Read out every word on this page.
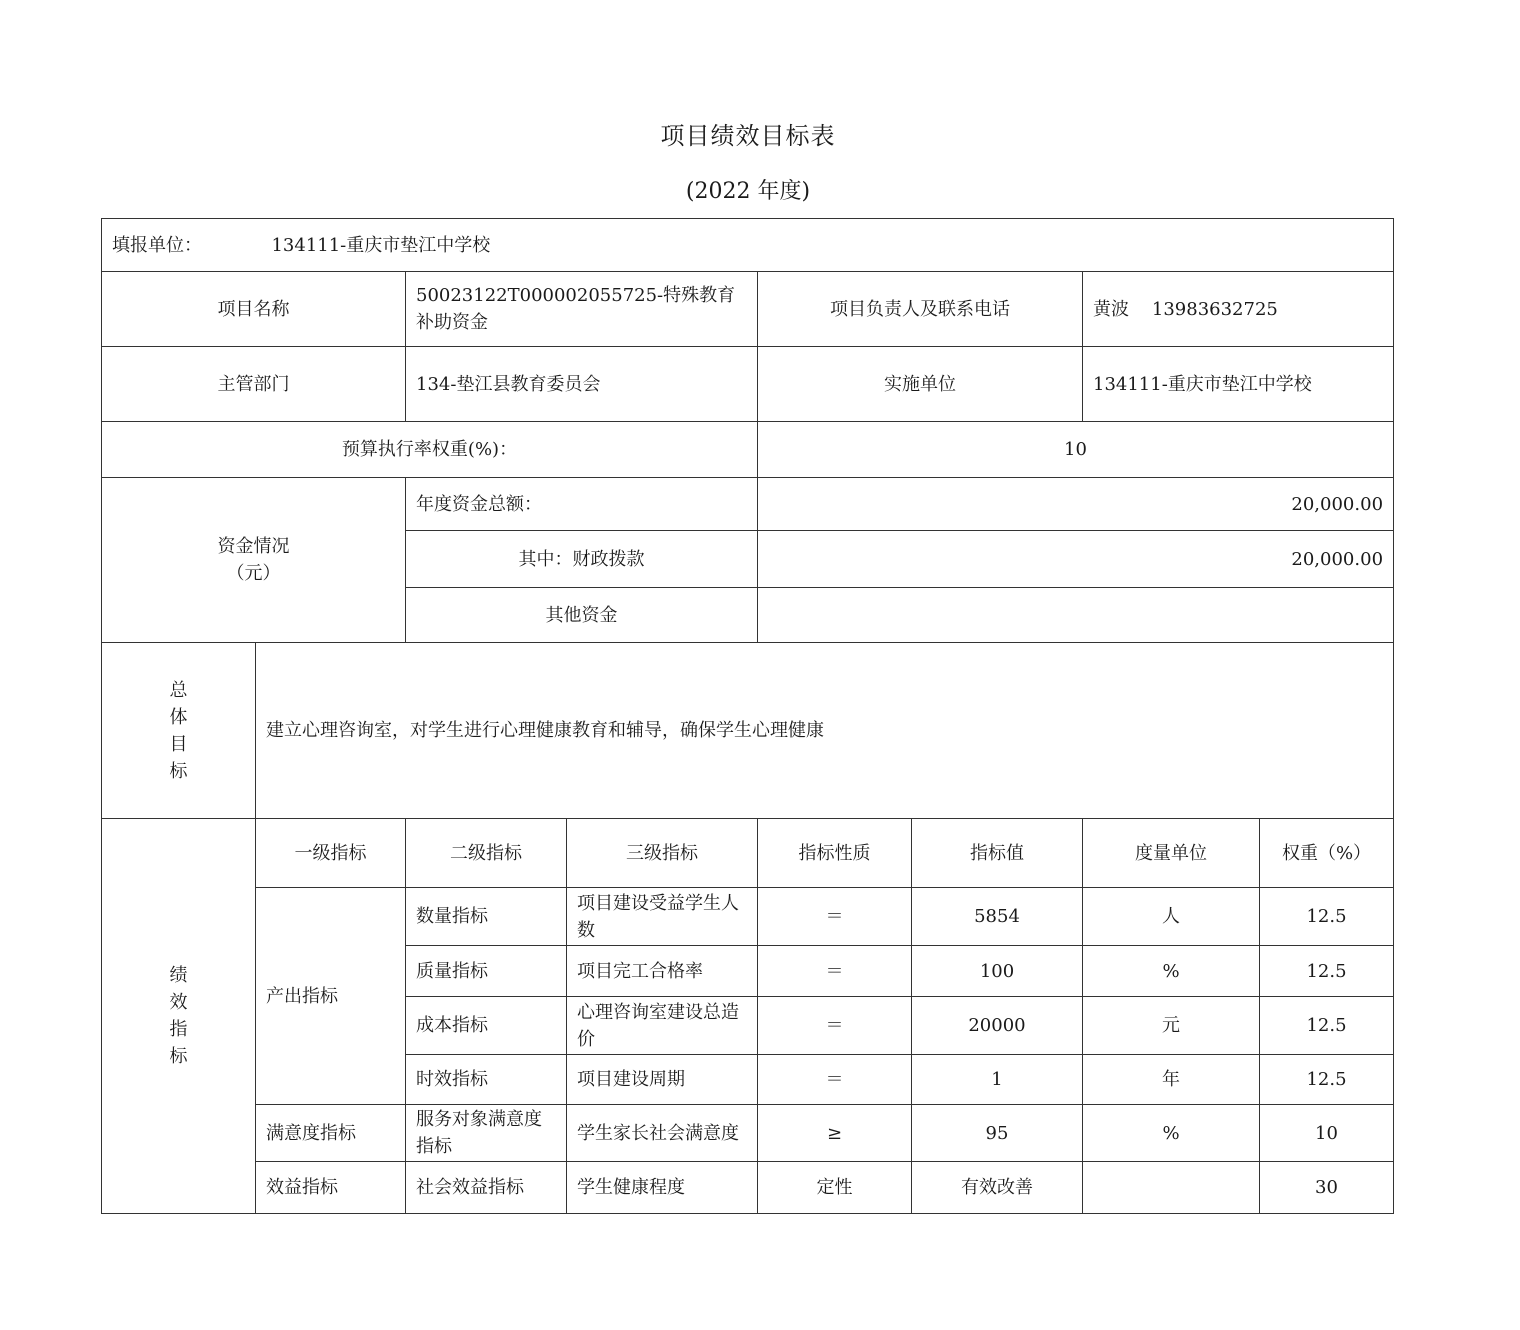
项目绩效目标表
(2022 年度)
填报单位： 134111-重庆市垫江中学校							
项目名称		50023122T000002055725-特殊教育补助资金		项目负责人及联系电话		黄波    13983632725	
主管部门		134-垫江县教育委员会		实施单位		134111-重庆市垫江中学校	
预算执行率权重(%)：				10			

资金情况
（元）		年度资金总额：		20,000.00			
		其中：财政拨款		20,000.00			
		其他资金					

总
体
目
标	建立心理咨询室，对学生进行心理健康教育和辅导，确保学生心理健康						

绩
效
指
标	一级指标	二级指标	三级指标	指标性质	指标值	度量单位	权重（%）
	产出指标	数量指标	项目建设受益学生人数	＝	5854	人	12.5
		质量指标	项目完工合格率	＝	100	%	12.5
		成本指标	心理咨询室建设总造价	＝	20000	元	12.5
		时效指标	项目建设周期	＝	1	年	12.5
	满意度指标	服务对象满意度指标	学生家长社会满意度	≥	95	%	10
	效益指标	社会效益指标	学生健康程度	定性	有效改善		30
